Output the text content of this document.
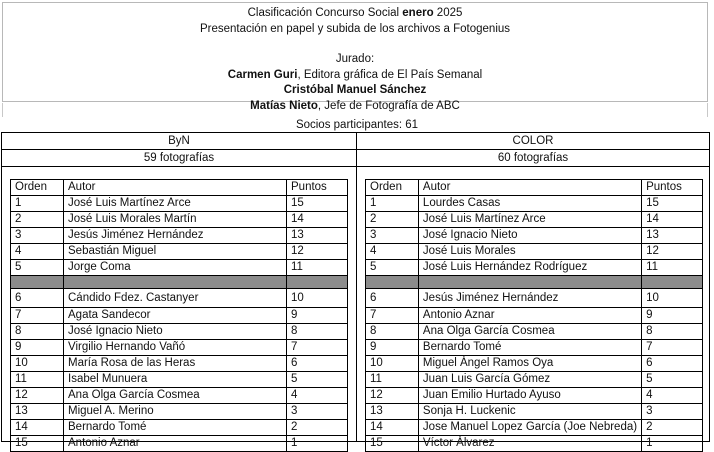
Clasificación Concurso Social enero 2025
Presentación en papel y subida de los archivos a Fotogenius
Jurado:
Carmen Guri, Editora gráfica de El País Semanal
Cristóbal Manuel Sánchez
Matías Nieto, Jefe de Fotografía de ABC
Socios participantes: 61
ByN
59 fotografías
Orden	Autor	Puntos
1	José Luis Martínez Arce	15
2	José Luis Morales Martín	14
3	Jesús Jiménez Hernández	13
4	Sebastián Miguel	12
5	Jorge Coma	11

6	Cándido Fdez. Castanyer	10
7	Agata Sandecor	9
8	José Ignacio Nieto	8
9	Virgilio Hernando Vañó	7
10	María Rosa de las Heras	6
11	Isabel Munuera	5
12	Ana Olga García Cosmea	4
13	Miguel A. Merino	3
14	Bernardo Tomé	2
15	Antonio Aznar	1
COLOR
60 fotografías
Orden	Autor	Puntos
1	Lourdes Casas	15
2	José Luis Martínez Arce	14
3	José Ignacio Nieto	13
4	José Luis Morales	12
5	José Luis Hernández Rodríguez	11

6	Jesús Jiménez Hernández	10
7	Antonio Aznar	9
8	Ana Olga García Cosmea	8
9	Bernardo Tomé	7
10	Miguel Ángel Ramos Oya	6
11	Juan Luis García Gómez	5
12	Juan Emilio Hurtado Ayuso	4
13	Sonja H. Luckenic	3
14	Jose Manuel Lopez García (Joe Nebreda)	2
15	Víctor Álvarez	1
